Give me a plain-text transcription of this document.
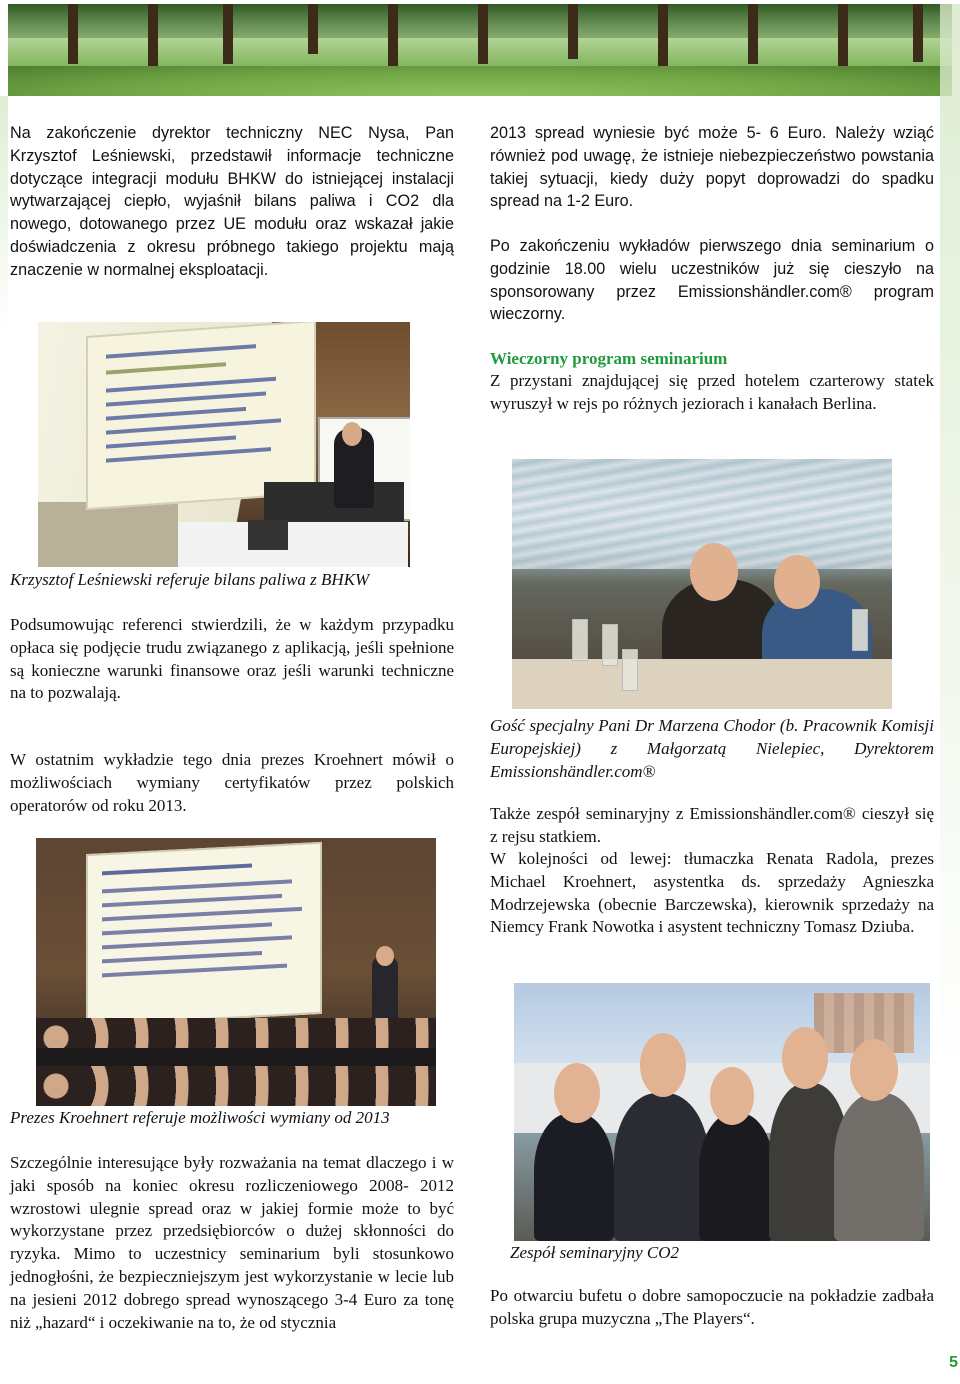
Na zakończenie dyrektor techniczny NEC Nysa, Pan Krzysztof Leśniewski, przedstawił informacje techniczne dotyczące integracji modułu BHKW do istniejącej instalacji wytwarzającej ciepło, wyjaśnił bilans paliwa i CO2 dla nowego, dotowanego przez UE modułu oraz wskazał jakie doświadczenia z okresu próbnego takiego projektu mają znaczenie w normalnej eksploatacji.

Krzysztof Leśniewski referuje bilans paliwa z BHKW

Podsumowując referenci stwierdzili, że w każdym przypadku opłaca się podjęcie trudu związanego z aplikacją, jeśli spełnione są konieczne warunki finansowe oraz jeśli warunki techniczne na to pozwalają.

W ostatnim wykładzie tego dnia prezes Kroehnert mówił o możliwościach wymiany certyfikatów przez polskich operatorów od roku 2013.

Prezes Kroehnert referuje możliwości wymiany od 2013

Szczególnie interesujące były rozważania na temat dlaczego i w jaki sposób na koniec okresu rozliczeniowego 2008- 2012 wzrostowi ulegnie spread oraz w jakiej formie może to być wykorzystane przez przedsiębiorców o dużej skłonności do ryzyka. Mimo to uczestnicy seminarium byli stosunkowo jednogłośni, że bezpieczniejszym jest wykorzystanie w lecie lub na jesieni 2012 dobrego spread wynoszącego 3-4 Euro za tonę niż „hazard“ i oczekiwanie na to, że od stycznia

2013 spread wyniesie być może 5- 6 Euro. Należy wziąć również pod uwagę, że istnieje niebezpieczeństwo powstania takiej sytuacji, kiedy duży popyt doprowadzi do spadku spread na 1-2 Euro.

Po zakończeniu wykładów pierwszego dnia seminarium o godzinie 18.00 wielu uczestników już się cieszyło na sponsorowany przez Emissionshändler.com® program wieczorny.

Wieczorny program seminarium

Z przystani znajdującej się przed hotelem czarterowy statek wyruszył w rejs po różnych jeziorach i kanałach Berlina.

Gość specjalny Pani Dr Marzena Chodor (b. Pracownik Komisji Europejskiej) z Małgorzatą Nielepiec, Dyrektorem Emissionshändler.com®

Także zespół seminaryjny z Emissionshändler.com® cieszył się z rejsu statkiem.

W kolejności od lewej: tłumaczka Renata Radola, prezes Michael Kroehnert, asystentka ds. sprzedaży Agnieszka Modrzejewska (obecnie Barczewska), kierownik sprzedaży na Niemcy Frank Nowotka i asystent techniczny Tomasz Dziuba.

Zespół seminaryjny CO2

Po otwarciu bufetu o dobre samopoczucie na pokładzie zadbała polska grupa muzyczna „The Players“.

5
